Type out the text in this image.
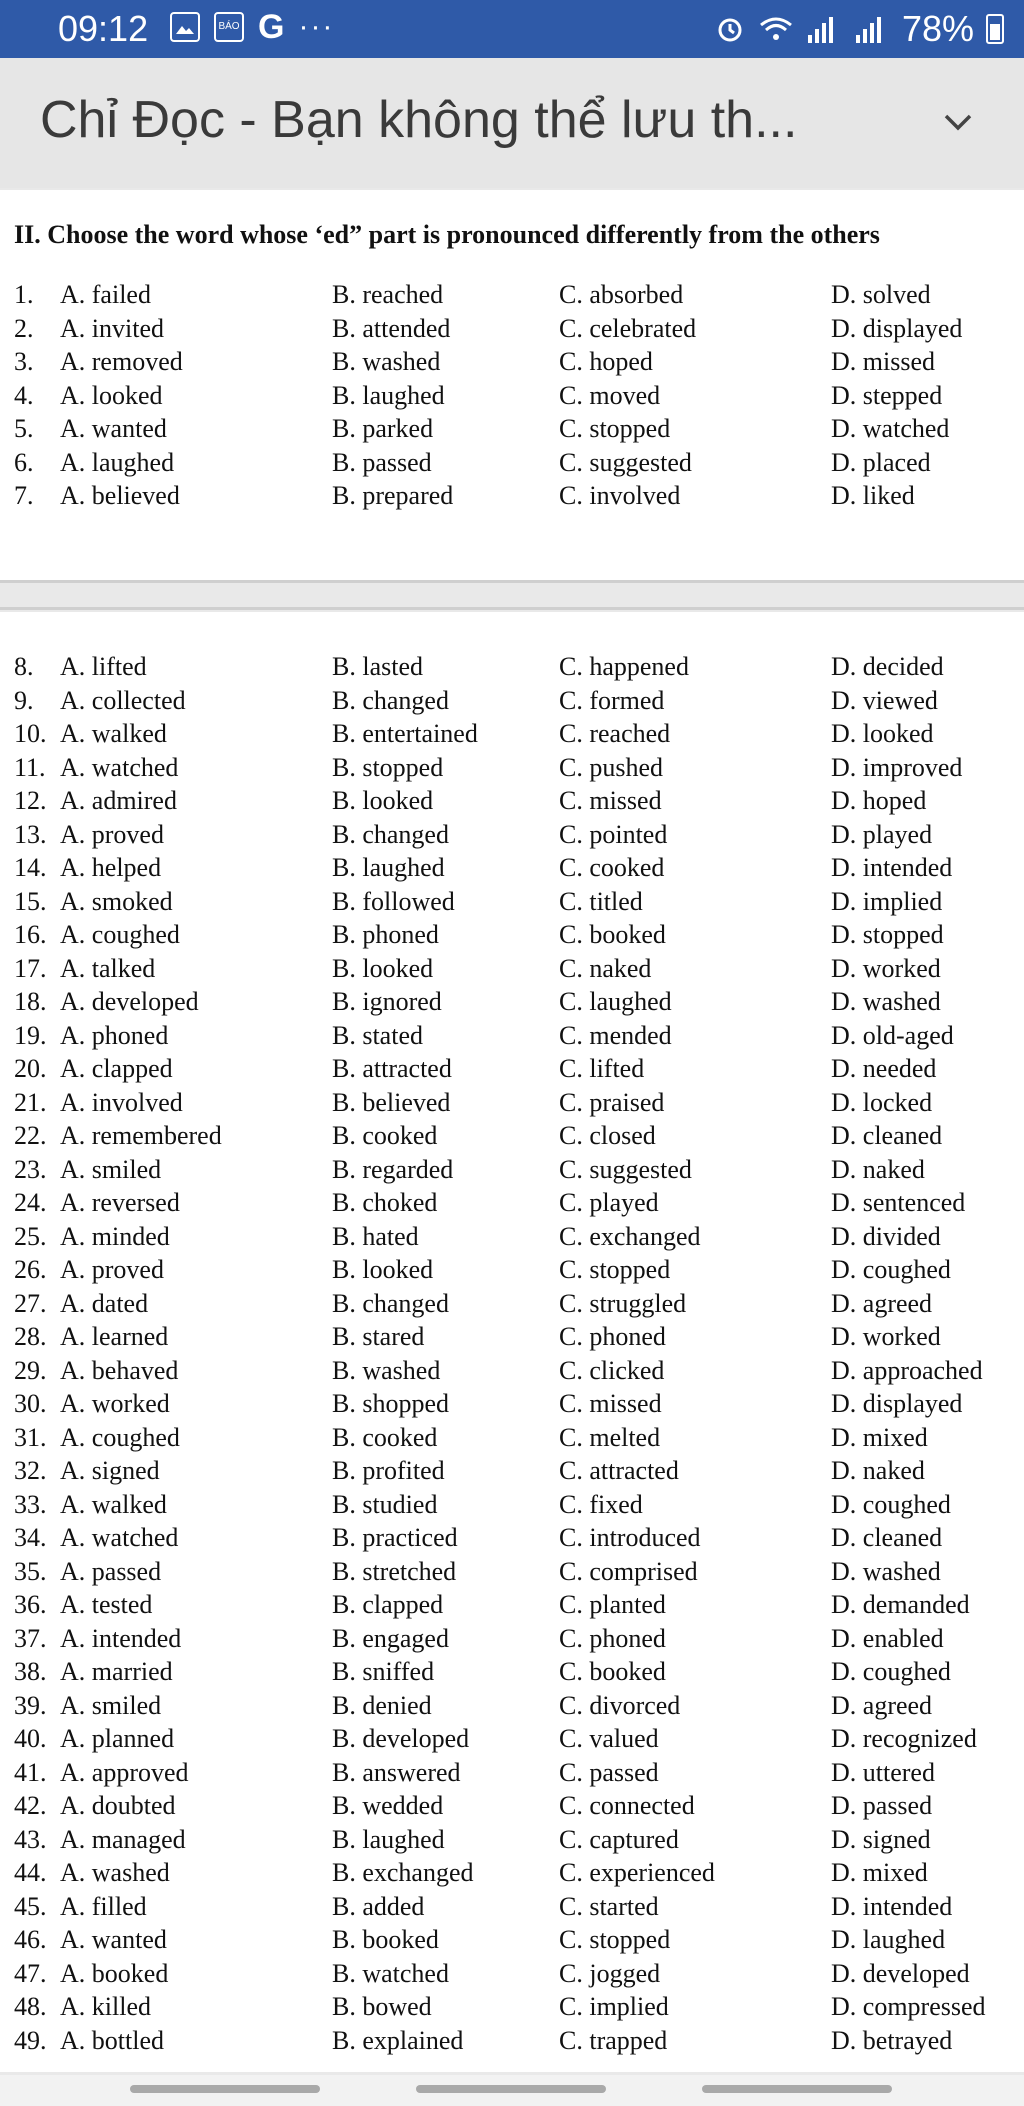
09:12	BÁO G ···	78%
Chỉ Đọc - Bạn không thể lưu th...
II. Choose the word whose ‘ed” part is pronounced differently from the others
1. A. failed	B. reached	C. absorbed	D. solved
2. A. invited	B. attended	C. celebrated	D. displayed
3. A. removed	B. washed	C. hoped	D. missed
4. A. looked	B. laughed	C. moved	D. stepped
5. A. wanted	B. parked	C. stopped	D. watched
6. A. laughed	B. passed	C. suggested	D. placed
7. A. believed	B. prepared	C. involved	D. liked
8. A. lifted	B. lasted	C. happened	D. decided
9. A. collected	B. changed	C. formed	D. viewed
10. A. walked	B. entertained	C. reached	D. looked
11. A. watched	B. stopped	C. pushed	D. improved
12. A. admired	B. looked	C. missed	D. hoped
13. A. proved	B. changed	C. pointed	D. played
14. A. helped	B. laughed	C. cooked	D. intended
15. A. smoked	B. followed	C. titled	D. implied
16. A. coughed	B. phoned	C. booked	D. stopped
17. A. talked	B. looked	C. naked	D. worked
18. A. developed	B. ignored	C. laughed	D. washed
19. A. phoned	B. stated	C. mended	D. old-aged
20. A. clapped	B. attracted	C. lifted	D. needed
21. A. involved	B. believed	C. praised	D. locked
22. A. remembered	B. cooked	C. closed	D. cleaned
23. A. smiled	B. regarded	C. suggested	D. naked
24. A. reversed	B. choked	C. played	D. sentenced
25. A. minded	B. hated	C. exchanged	D. divided
26. A. proved	B. looked	C. stopped	D. coughed
27. A. dated	B. changed	C. struggled	D. agreed
28. A. learned	B. stared	C. phoned	D. worked
29. A. behaved	B. washed	C. clicked	D. approached
30. A. worked	B. shopped	C. missed	D. displayed
31. A. coughed	B. cooked	C. melted	D. mixed
32. A. signed	B. profited	C. attracted	D. naked
33. A. walked	B. studied	C. fixed	D. coughed
34. A. watched	B. practiced	C. introduced	D. cleaned
35. A. passed	B. stretched	C. comprised	D. washed
36. A. tested	B. clapped	C. planted	D. demanded
37. A. intended	B. engaged	C. phoned	D. enabled
38. A. married	B. sniffed	C. booked	D. coughed
39. A. smiled	B. denied	C. divorced	D. agreed
40. A. planned	B. developed	C. valued	D. recognized
41. A. approved	B. answered	C. passed	D. uttered
42. A. doubted	B. wedded	C. connected	D. passed
43. A. managed	B. laughed	C. captured	D. signed
44. A. washed	B. exchanged	C. experienced	D. mixed
45. A. filled	B. added	C. started	D. intended
46. A. wanted	B. booked	C. stopped	D. laughed
47. A. booked	B. watched	C. jogged	D. developed
48. A. killed	B. bowed	C. implied	D. compressed
49. A. bottled	B. explained	C. trapped	D. betrayed
